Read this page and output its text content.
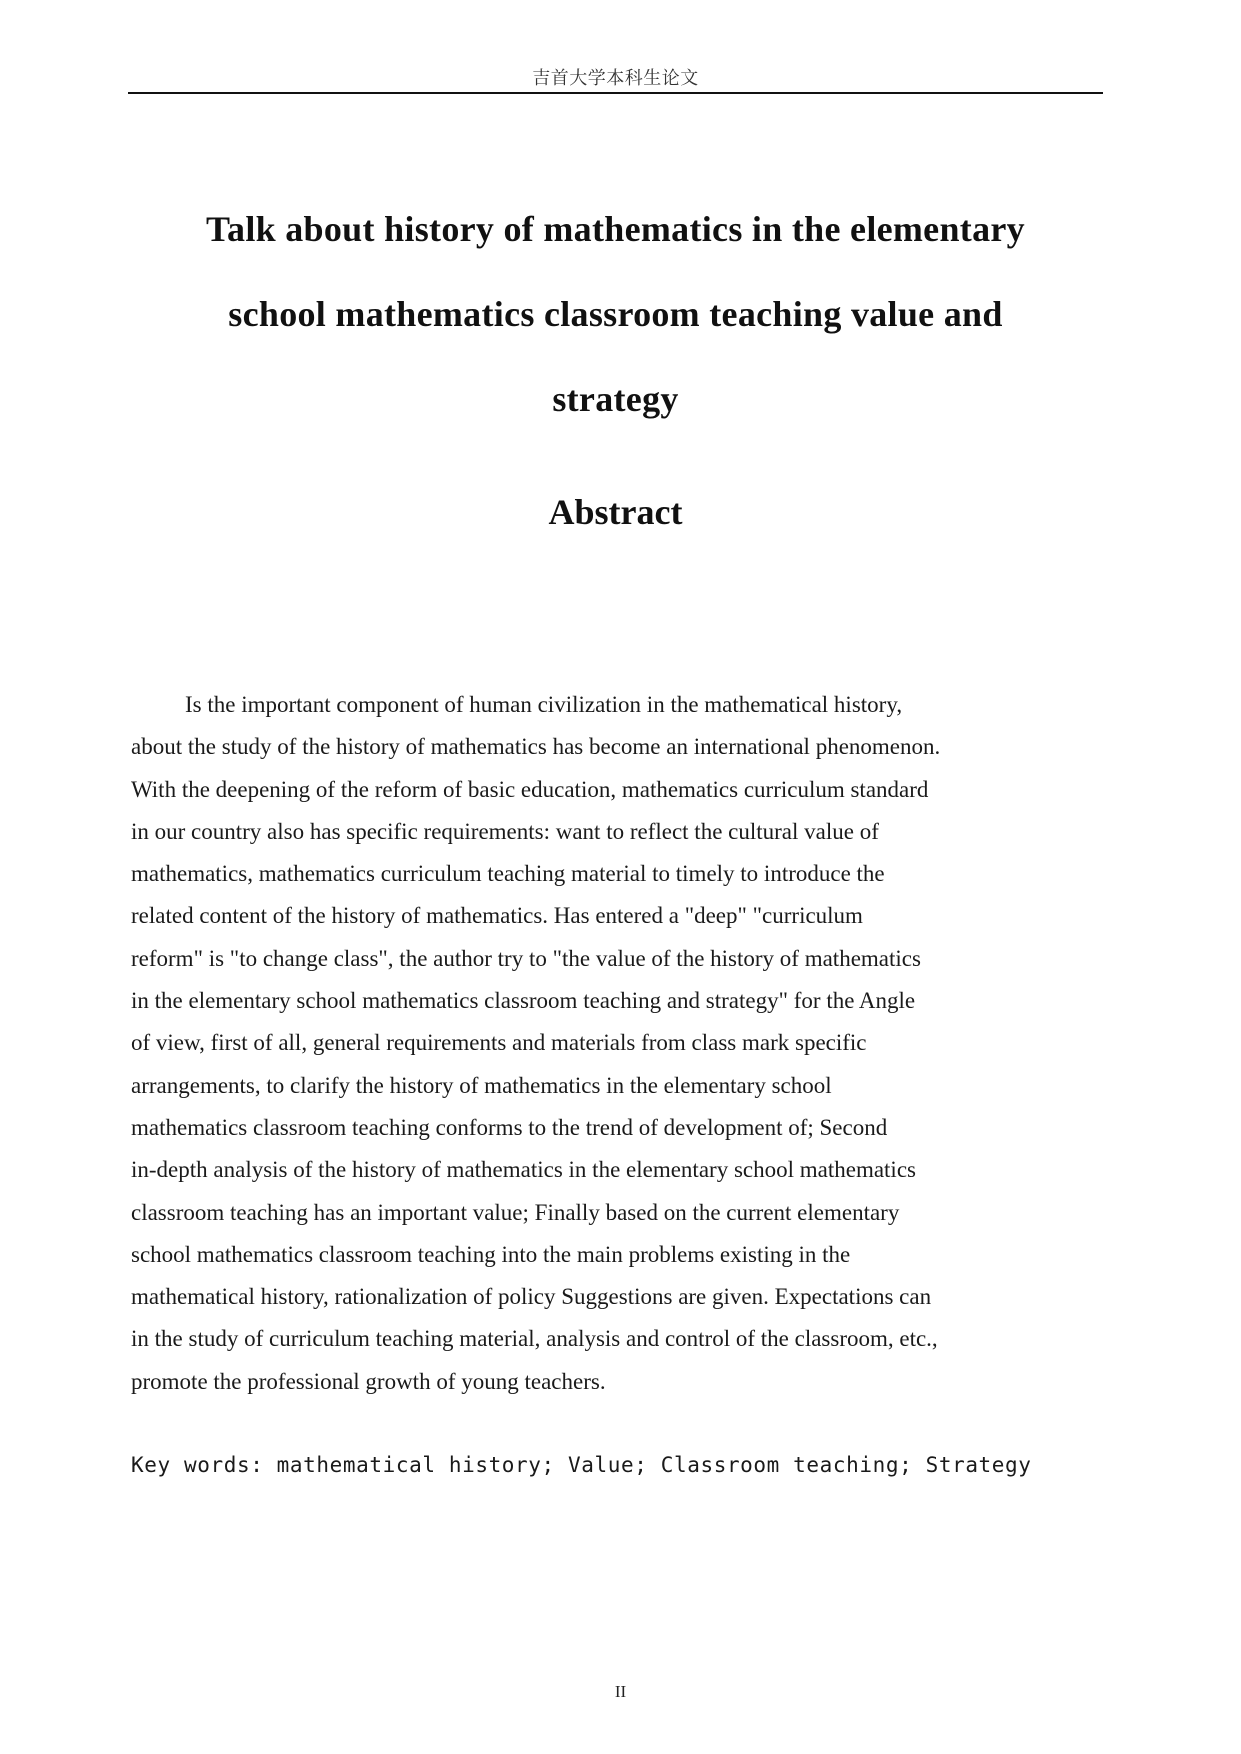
吉首大学本科生论文
Talk about history of mathematics in the elementary
school mathematics classroom teaching value and
strategy
Abstract
Is the important component of human civilization in the mathematical history,
about the study of the history of mathematics has become an international phenomenon.
With the deepening of the reform of basic education, mathematics curriculum standard
in our country also has specific requirements: want to reflect the cultural value of
mathematics, mathematics curriculum teaching material to timely to introduce the
related content of the history of mathematics. Has entered a "deep" "curriculum
reform" is "to change class", the author try to "the value of the history of mathematics
in the elementary school mathematics classroom teaching and strategy" for the Angle
of view, first of all, general requirements and materials from class mark specific
arrangements, to clarify the history of mathematics in the elementary school
mathematics classroom teaching conforms to the trend of development of; Second
in-depth analysis of the history of mathematics in the elementary school mathematics
classroom teaching has an important value; Finally based on the current elementary
school mathematics classroom teaching into the main problems existing in the
mathematical history, rationalization of policy Suggestions are given. Expectations can
in the study of curriculum teaching material, analysis and control of the classroom, etc.,
promote the professional growth of young teachers.
Key words: mathematical history; Value; Classroom teaching; Strategy
II
